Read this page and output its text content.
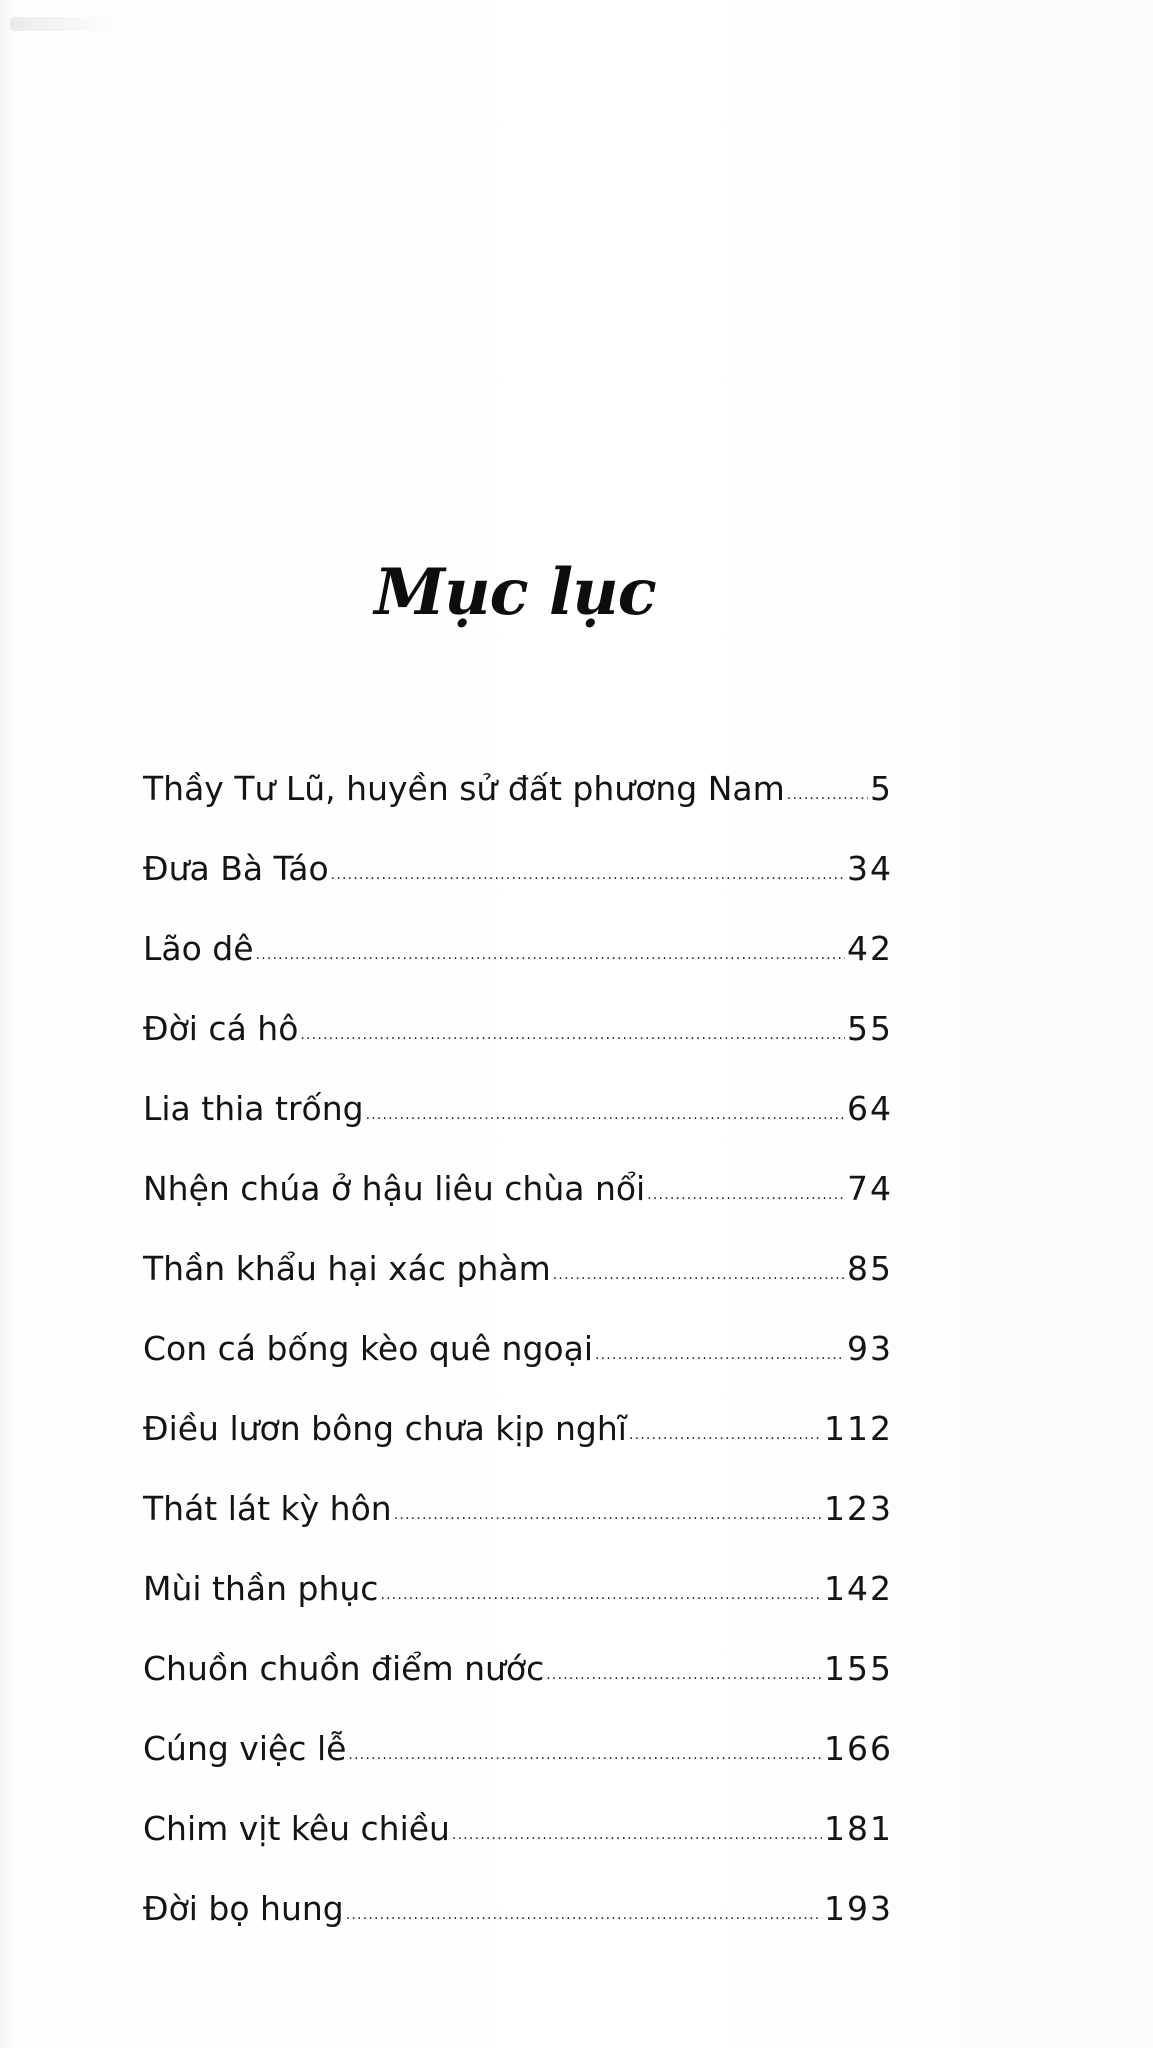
Mục lục
Thầy Tư Lũ, huyền sử đất phương Nam .....	5
Đưa Bà Táo .....	34
Lão dê .....	42
Đời cá hô .....	55
Lia thia trống .....	64
Nhện chúa ở hậu liêu chùa nổi .....	74
Thần khẩu hại xác phàm .....	85
Con cá bống kèo quê ngoại .....	93
Điều lươn bông chưa kịp nghĩ .....	112
Thát lát kỳ hôn .....	123
Mùi thần phục .....	142
Chuồn chuồn điểm nước .....	155
Cúng việc lễ .....	166
Chim vịt kêu chiều .....	181
Đời bọ hung .....	193
